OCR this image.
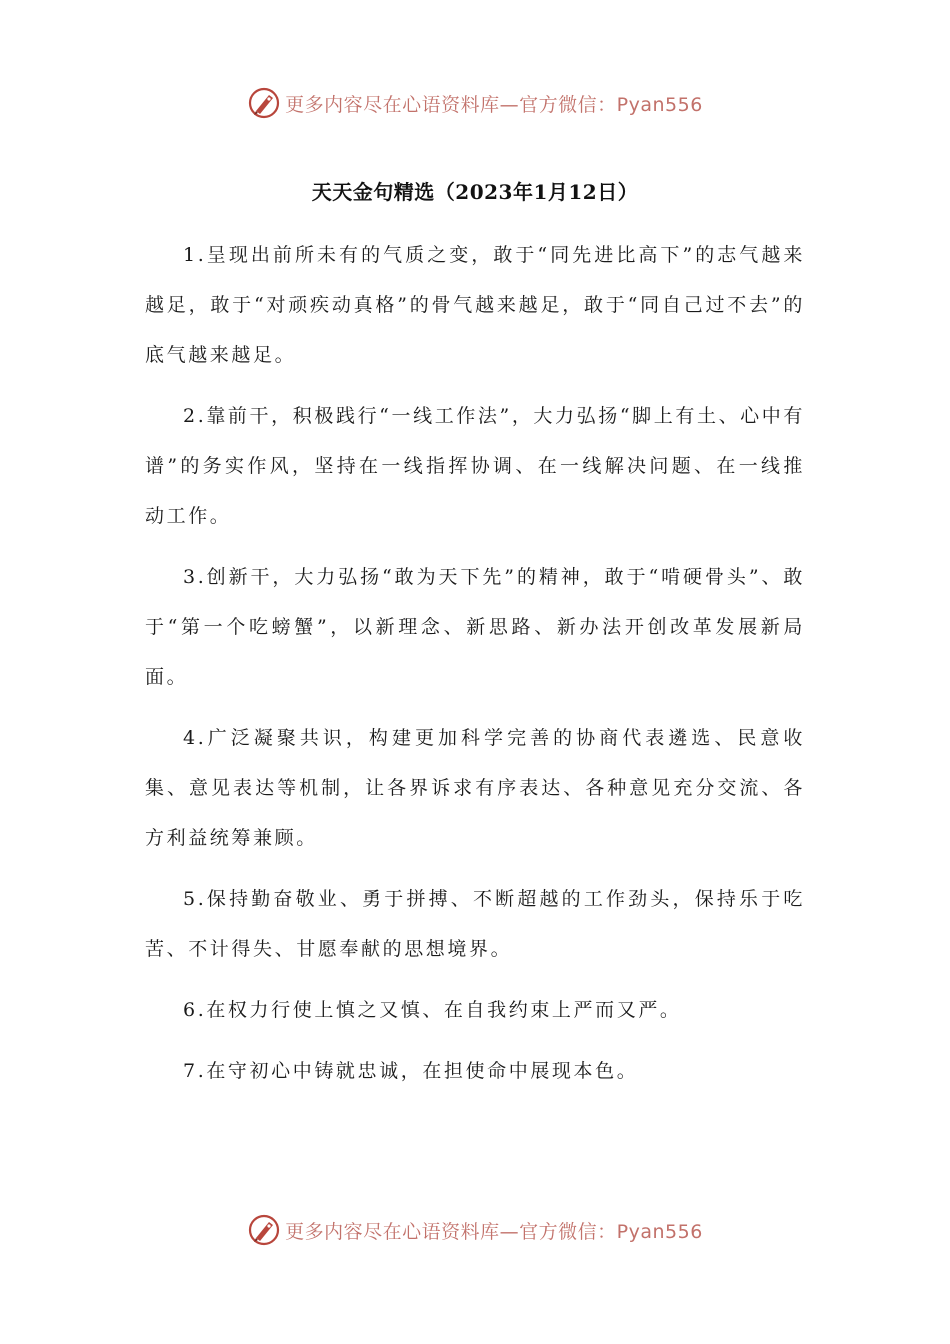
更多内容尽在心语资料库—官方微信：Pyan556
天天金句精选（2023年1月12日）

1.呈现出前所未有的气质之变，敢于“同先进比高下”的志气越来越足，敢于“对顽疾动真格”的骨气越来越足，敢于“同自己过不去”的底气越来越足。

2.靠前干，积极践行“一线工作法”，大力弘扬“脚上有土、心中有谱”的务实作风，坚持在一线指挥协调、在一线解决问题、在一线推动工作。

3.创新干，大力弘扬“敢为天下先”的精神，敢于“啃硬骨头”、敢于“第一个吃螃蟹”，以新理念、新思路、新办法开创改革发展新局面。

4.广泛凝聚共识，构建更加科学完善的协商代表遴选、民意收集、意见表达等机制，让各界诉求有序表达、各种意见充分交流、各方利益统筹兼顾。

5.保持勤奋敬业、勇于拼搏、不断超越的工作劲头，保持乐于吃苦、不计得失、甘愿奉献的思想境界。

6.在权力行使上慎之又慎、在自我约束上严而又严。

7.在守初心中铸就忠诚，在担使命中展现本色。

更多内容尽在心语资料库—官方微信：Pyan556
